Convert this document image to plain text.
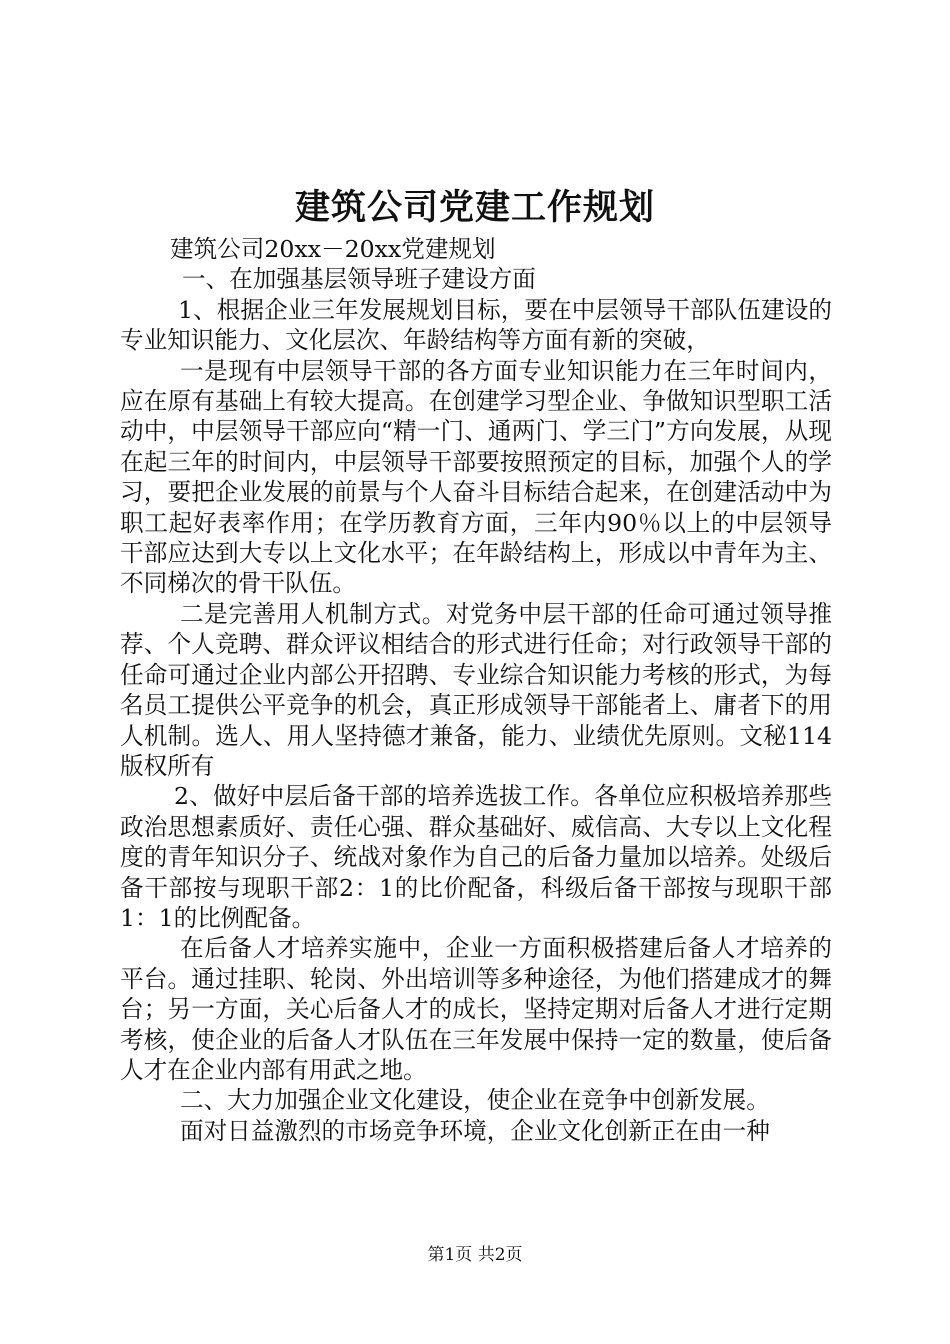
建筑公司党建工作规划

建筑公司20xx－20xx党建规划

一、在加强基层领导班子建设方面

1、根据企业三年发展规划目标，要在中层领导干部队伍建设的专业知识能力、文化层次、年龄结构等方面有新的突破，

一是现有中层领导干部的各方面专业知识能力在三年时间内，应在原有基础上有较大提高。在创建学习型企业、争做知识型职工活动中，中层领导干部应向“精一门、通两门、学三门”方向发展，从现在起三年的时间内，中层领导干部要按照预定的目标，加强个人的学习，要把企业发展的前景与个人奋斗目标结合起来，在创建活动中为职工起好表率作用；在学历教育方面，三年内90％以上的中层领导干部应达到大专以上文化水平；在年龄结构上，形成以中青年为主、不同梯次的骨干队伍。

二是完善用人机制方式。对党务中层干部的任命可通过领导推荐、个人竞聘、群众评议相结合的形式进行任命；对行政领导干部的任命可通过企业内部公开招聘、专业综合知识能力考核的形式，为每名员工提供公平竞争的机会，真正形成领导干部能者上、庸者下的用人机制。选人、用人坚持德才兼备，能力、业绩优先原则。文秘114版权所有

2、做好中层后备干部的培养选拔工作。各单位应积极培养那些政治思想素质好、责任心强、群众基础好、威信高、大专以上文化程度的青年知识分子、统战对象作为自己的后备力量加以培养。处级后备干部按与现职干部2：1的比价配备，科级后备干部按与现职干部1：1的比例配备。

在后备人才培养实施中，企业一方面积极搭建后备人才培养的平台。通过挂职、轮岗、外出培训等多种途径，为他们搭建成才的舞台；另一方面，关心后备人才的成长，坚持定期对后备人才进行定期考核，使企业的后备人才队伍在三年发展中保持一定的数量，使后备人才在企业内部有用武之地。

二、大力加强企业文化建设，使企业在竞争中创新发展。

面对日益激烈的市场竞争环境，企业文化创新正在由一种

第1页 共2页
